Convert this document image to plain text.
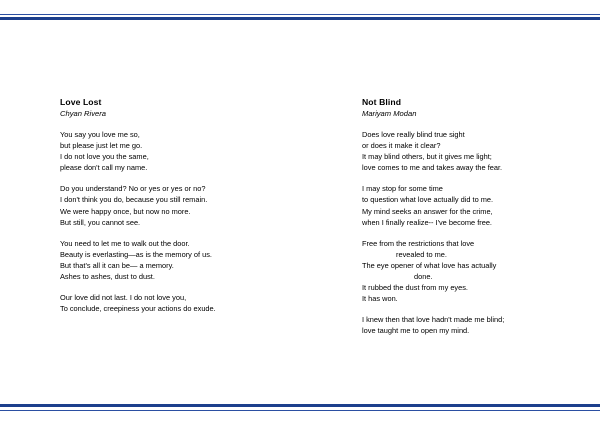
Love Lost
Chyan Rivera
You say you love me so,
but please just let me go.
I do not love you the same,
please don't call my name.
Do you understand? No or yes or yes or no?
I don't think you do, because you still remain.
We were happy once, but now no more.
But still, you cannot see.
You need to let me to walk out the door.
Beauty is everlasting—as is the memory of us.
But that's all it can be— a memory.
Ashes to ashes, dust to dust.
Our love did not last. I do not love you,
To conclude, creepiness your actions do exude.
Not Blind
Mariyam Modan
Does love really blind true sight
or does it make it clear?
It may blind others, but it gives me light;
love comes to me and takes away the fear.
I may stop for some time
to question what love actually did to me.
My mind seeks an answer for the crime,
when I finally realize-- I've become free.
Free from the restrictions that love
revealed to me.
The eye opener of what love has actually
done.
It rubbed the dust from my eyes.
It has won.
I knew then that love hadn't made me blind;
love taught me to open my mind.
